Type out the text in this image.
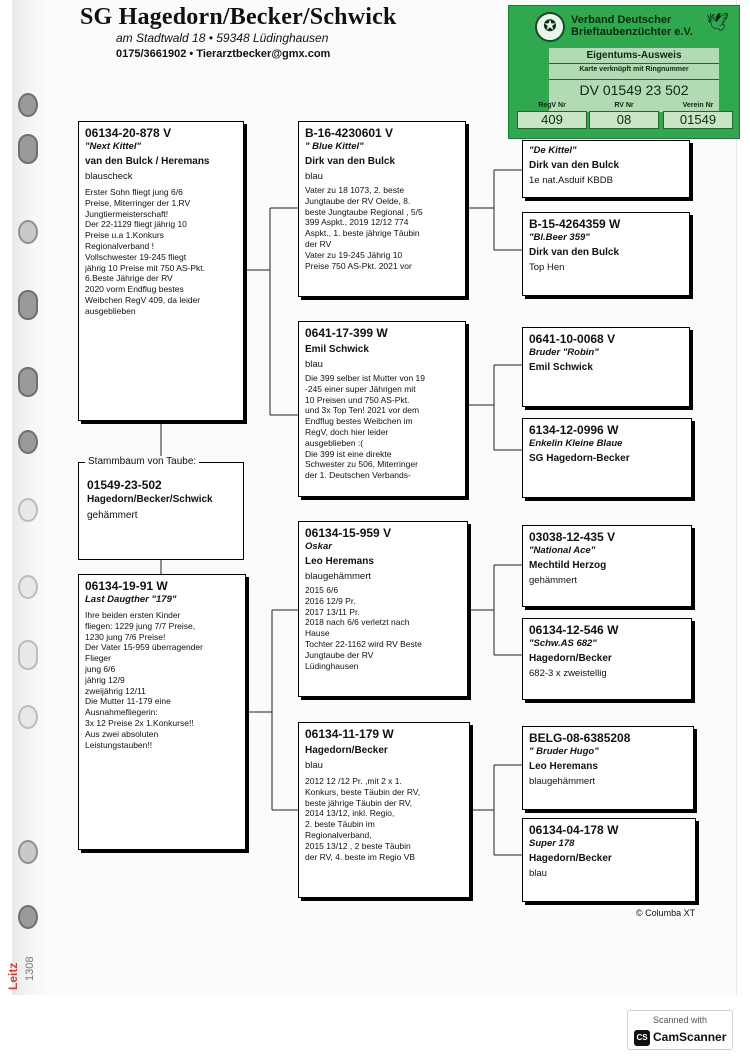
Leitz 1308
SG Hagedorn/Becker/Schwick
am Stadtwald 18 • 59348 Lüdinghausen
0175/3661902 • Tierarztbecker@gmx.com
✪	🕊
Verband Deutscher
Brieftaubenzüchter e.V.
Eigentums-Ausweis
Karte verknüpft mit Ringnummer
DV 01549 23 502
RegV Nr
409
RV Nr
08
Verein Nr
01549
06134-20-878 V
"Next Kittel"
van den Bulck / Heremans
blauscheck
Erster Sohn fliegt jung 6/6
Preise, Miterringer der 1.RV
Jungtiermeisterschaft!
Der 22-1129 fliegt jährig 10
Preise u.a 1.Konkurs
Regionalverband !
Vollschwester 19-245 fliegt
jährig 10 Preise mit 750 AS-Pkt.
6.Beste Jährige der RV
2020 vorm Endflug bestes
Weibchen RegV 409, da leider
ausgeblieben
Stammbaum von Taube:
01549-23-502
Hagedorn/Becker/Schwick
gehämmert
06134-19-91 W
Last Daugther "179"
Ihre beiden ersten Kinder
fliegen: 1229 jung 7/7 Preise,
1230 jung 7/6 Preise!
Der Vater 15-959 überragender
Flieger
jung 6/6
jährig 12/9
zweijährig 12/11
Die Mutter 11-179 eine
Ausnahmefliegerin:
3x 12 Preise 2x 1.Konkurse!!
Aus zwei absoluten
Leistungstauben!!
B-16-4230601 V
" Blue Kittel"
Dirk van den Bulck
blau
Vater zu 18 1073, 2. beste
Jungtaube der RV Oelde, 8.
beste Jungtaube Regional , 5/5
399 Aspkt., 2019 12/12 774
Aspkt., 1. beste jährige Täubin
der RV
Vater zu 19-245 Jährig 10
Preise 750 AS-Pkt. 2021 vor
0641-17-399 W
Emil Schwick
blau
Die 399 selber ist Mutter von 19
-245 einer super Jährigen mit
10 Preisen und 750 AS-Pkt.
und 3x Top Ten! 2021 vor dem
Endflug bestes Weibchen im
RegV, doch hier leider
ausgeblieben :(
Die 399 ist eine direkte
Schwester zu 506, Miterringer
der 1. Deutschen Verbands-
06134-15-959 V
Oskar
Leo Heremans
blaugehämmert
2015 6/6
2016 12/9 Pr.
2017 13/11 Pr.
2018 nach 6/6 verletzt nach
Hause
Tochter 22-1162 wird RV Beste
Jungtaube der RV
Lüdinghausen
06134-11-179 W
Hagedorn/Becker
blau
2012 12 /12 Pr. ,mit 2 x 1.
Konkurs, beste Täubin der RV,
beste jährige Täubin der RV,
2014 13/12, inkl. Regio,
2. beste Täubin im
Regionalverband,
2015 13/12 , 2 beste Täubin
der RV, 4. beste im Regio VB
"De Kittel"
Dirk van den Bulck
1e nat.Asduif KBDB
B-15-4264359 W
"Bl.Beer 359"
Dirk van den Bulck
Top Hen
0641-10-0068 V
Bruder "Robin"
Emil Schwick
6134-12-0996 W
Enkelin Kleine Blaue
SG Hagedorn-Becker
03038-12-435 V
"National Ace"
Mechtild Herzog
gehämmert
06134-12-546 W
"Schw.AS 682"
Hagedorn/Becker
682-3 x zweistellig
BELG-08-6385208
" Bruder Hugo"
Leo Heremans
blaugehämmert
06134-04-178 W
Super 178
Hagedorn/Becker
blau
© Columba XT
Scanned with
CS CamScanner
